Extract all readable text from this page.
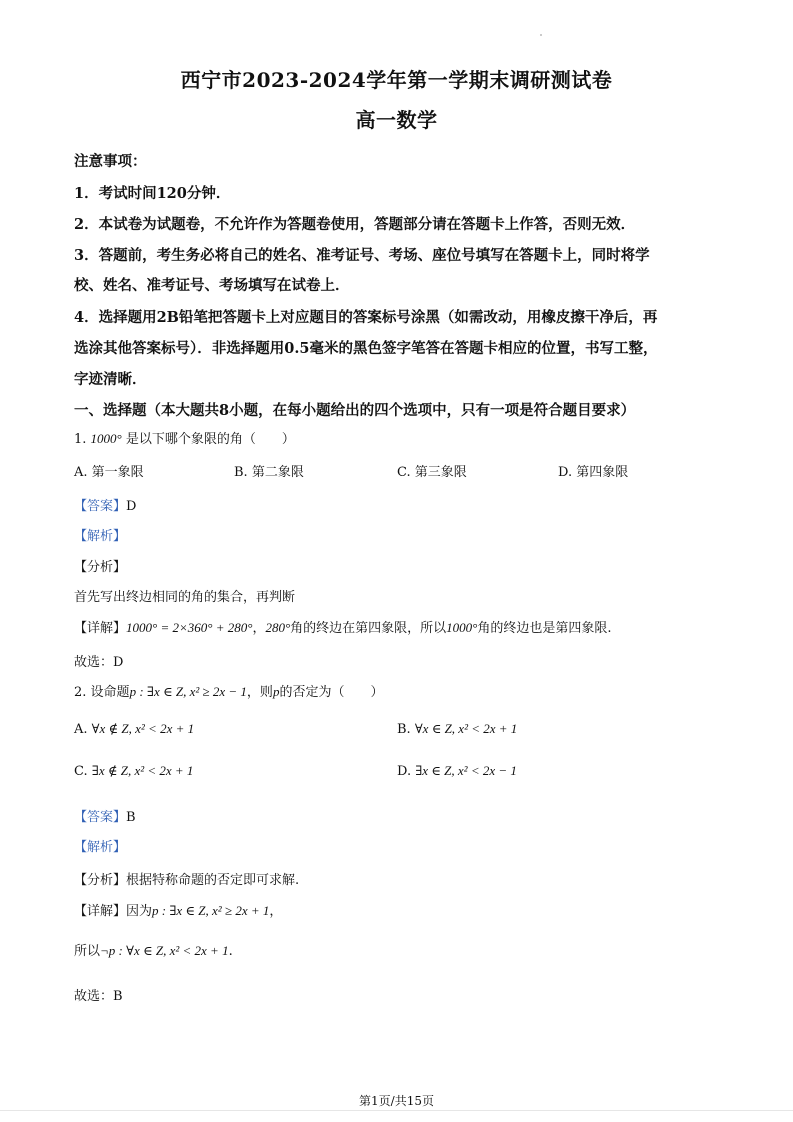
西宁市2023-2024学年第一学期末调研测试卷
高一数学
注意事项：
1．考试时间120分钟．
2．本试卷为试题卷，不允许作为答题卷使用，答题部分请在答题卡上作答，否则无效．
3．答题前，考生务必将自己的姓名、准考证号、考场、座位号填写在答题卡上，同时将学
校、姓名、准考证号、考场填写在试卷上．
4．选择题用2B铅笔把答题卡上对应题目的答案标号涂黑（如需改动，用橡皮擦干净后，再
选涂其他答案标号）．非选择题用0.5毫米的黑色签字笔答在答题卡相应的位置，书写工整，
字迹清晰．
一、选择题（本大题共8小题，在每小题给出的四个选项中，只有一项是符合题目要求）
1. 1000° 是以下哪个象限的角（　　）
A. 第一象限	B. 第二象限	C. 第三象限	D. 第四象限
【答案】D
【解析】
【分析】
首先写出终边相同的角的集合，再判断
【详解】1000° = 2×360° + 280°，280°角的终边在第四象限，所以1000°角的终边也是第四象限.
故选：D
2. 设命题p : ∃x ∈ Z, x² ≥ 2x − 1，则p的否定为（　　）
A. ∀x ∉ Z, x² < 2x + 1	B. ∀x ∈ Z, x² < 2x + 1
C. ∃x ∉ Z, x² < 2x + 1	D. ∃x ∈ Z, x² < 2x − 1
【答案】B
【解析】
【分析】根据特称命题的否定即可求解.
【详解】因为p : ∃x ∈ Z, x² ≥ 2x + 1，
所以¬p : ∀x ∈ Z, x² < 2x + 1.
故选：B
第1页/共15页
